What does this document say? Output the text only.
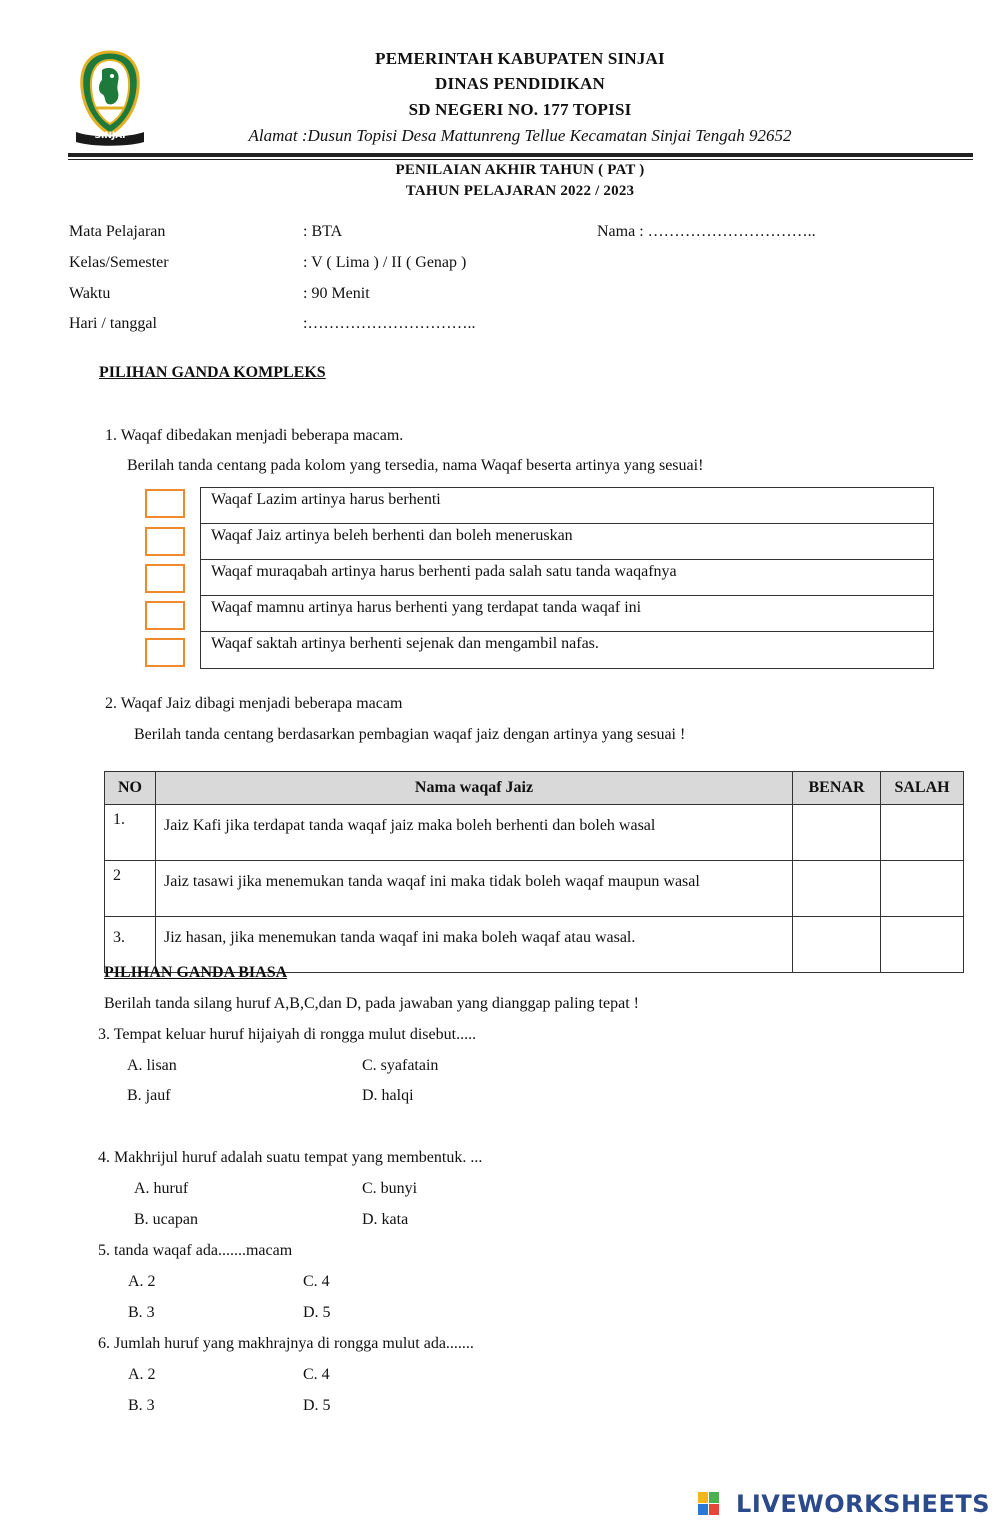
SINJAI
PEMERINTAH KABUPATEN SINJAI
DINAS PENDIDIKAN
SD NEGERI NO. 177 TOPISI
Alamat :Dusun Topisi Desa Mattunreng Tellue Kecamatan Sinjai Tengah 92652
PENILAIAN AKHIR TAHUN ( PAT )
TAHUN PELAJARAN 2022 / 2023
Mata Pelajaran	: BTA	Nama : …………………………..
Kelas/Semester	: V ( Lima ) / II ( Genap )
Waktu	: 90 Menit
Hari / tanggal	:…………………………..
PILIHAN GANDA KOMPLEKS
1. Waqaf dibedakan menjadi beberapa macam.
Berilah tanda centang pada kolom yang tersedia, nama Waqaf beserta artinya yang sesuai!
Waqaf Lazim artinya harus berhenti
Waqaf Jaiz artinya beleh berhenti dan boleh meneruskan
Waqaf muraqabah artinya harus berhenti pada salah satu tanda waqafnya
Waqaf mamnu artinya harus berhenti yang terdapat tanda waqaf ini
Waqaf saktah artinya berhenti sejenak dan mengambil nafas.
2. Waqaf Jaiz dibagi menjadi beberapa macam
Berilah tanda centang berdasarkan pembagian waqaf jaiz dengan artinya yang sesuai !
NO	Nama waqaf Jaiz	BENAR	SALAH
1.	Jaiz Kafi jika terdapat tanda waqaf jaiz maka boleh berhenti dan boleh wasal		
2	Jaiz tasawi jika menemukan tanda waqaf ini maka tidak boleh waqaf maupun wasal		
3.	Jiz hasan, jika menemukan tanda waqaf ini maka boleh waqaf atau wasal.		
PILIHAN GANDA BIASA
Berilah tanda silang huruf A,B,C,dan D, pada jawaban yang dianggap paling tepat !
3. Tempat keluar huruf hijaiyah di rongga mulut disebut.....
A. lisan	C. syafatain
B. jauf	D. halqi
4. Makhrijul huruf adalah suatu tempat yang membentuk. ...
A. huruf	C. bunyi
B. ucapan	D. kata
5. tanda waqaf ada.......macam
A. 2	C. 4
B. 3	D. 5
6. Jumlah huruf yang makhrajnya di rongga mulut ada.......
A. 2	C. 4
B. 3	D. 5
LIVEWORKSHEETS
